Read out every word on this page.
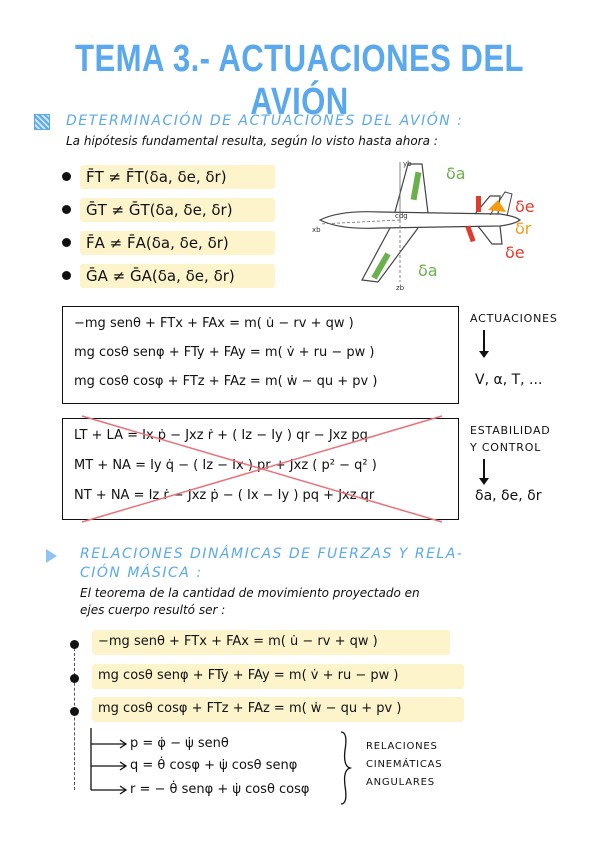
TEMA 3.- ACTUACIONES DEL AVIÓN
DETERMINACIÓN DE ACTUACIONES DEL AVIÓN :
La hipótesis fundamental resulta, según lo visto hasta ahora :
F̄T ≠ F̄T(δa, δe, δr)
ḠT ≠ ḠT(δa, δe, δr)
F̄A ≠ F̄A(δa, δe, δr)
ḠA ≠ ḠA(δa, δe, δr)
cdg
yb
xb
zb
δa
δe
δr
δe
δa
−mg senθ + FTx + FAx = m( u̇ − rv + qw )
mg cosθ senφ + FTy + FAy = m( v̇ + ru − pw )
mg cosθ cosφ + FTz + FAz = m( ẇ − qu + pv )
ACTUACIONES
V, α, T, ...
LT + LA = Ix ṗ − Jxz ṙ + ( Iz − Iy ) qr − Jxz pq
MT + NA = Iy q̇ − ( Iz − Ix ) pr + Jxz ( p² − q² )
NT + NA = Iz ṙ − Jxz ṗ − ( Ix − Iy ) pq + Jxz qr
ESTABILIDAD
Y CONTROL
δa, δe, δr
RELACIONES DINÁMICAS DE FUERZAS Y RELA-
CIÓN MÁSICA :
El teorema de la cantidad de movimiento proyectado en
ejes cuerpo resultó ser :
−mg senθ + FTx + FAx = m( u̇ − rv + qw )
mg cosθ senφ + FTy + FAy = m( v̇ + ru − pw )
mg cosθ cosφ + FTz + FAz = m( ẇ − qu + pv )
p = φ̇ − ψ̇ senθ
q = θ̇ cosφ + ψ̇ cosθ senφ
r = − θ̇ senφ + ψ̇ cosθ cosφ
RELACIONES
CINEMÁTICAS
ANGULARES
